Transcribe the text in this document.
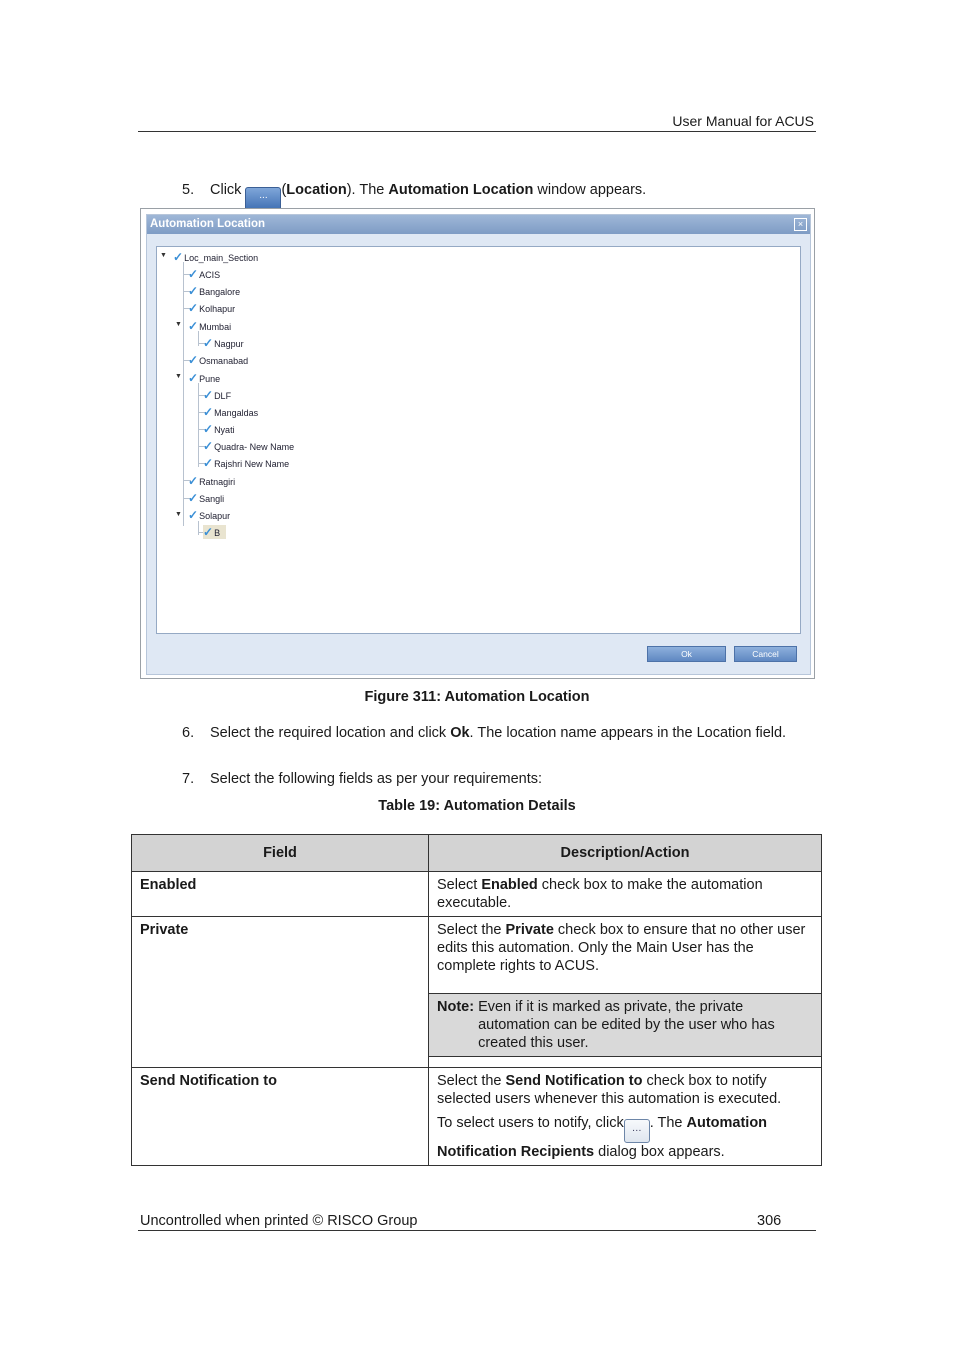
User Manual for ACUS
5. Click ... (Location). The Automation Location window appears.
Automation Location	×
▼
▼
▼
▼
✓Loc_main_Section
✓ACIS
✓Bangalore
✓Kolhapur
✓Mumbai
✓Nagpur
✓Osmanabad
✓Pune
✓DLF
✓Mangaldas
✓Nyati
✓Quadra- New Name
✓Rajshri New Name
✓Ratnagiri
✓Sangli
✓Solapur
✓B
Ok	Cancel
Figure 311: Automation Location
6. Select the required location and click Ok. The location name appears in the Location field.
7. Select the following fields as per your requirements:
Table 19: Automation Details
Field	Description/Action
Enabled	Select Enabled check box to make the automation executable.
Private	Select the Private check box to ensure that no other user edits this automation. Only the Main User has the complete rights to ACUS.

	Note: Even if it is marked as private, the private automation can be edited by the user who has created this user.

Send Notification to	Select the Send Notification to check box to notify selected users whenever this automation is executed.
To select users to notify, click … . The Automation Notification Recipients dialog box appears.
Uncontrolled when printed © RISCO Group	306
